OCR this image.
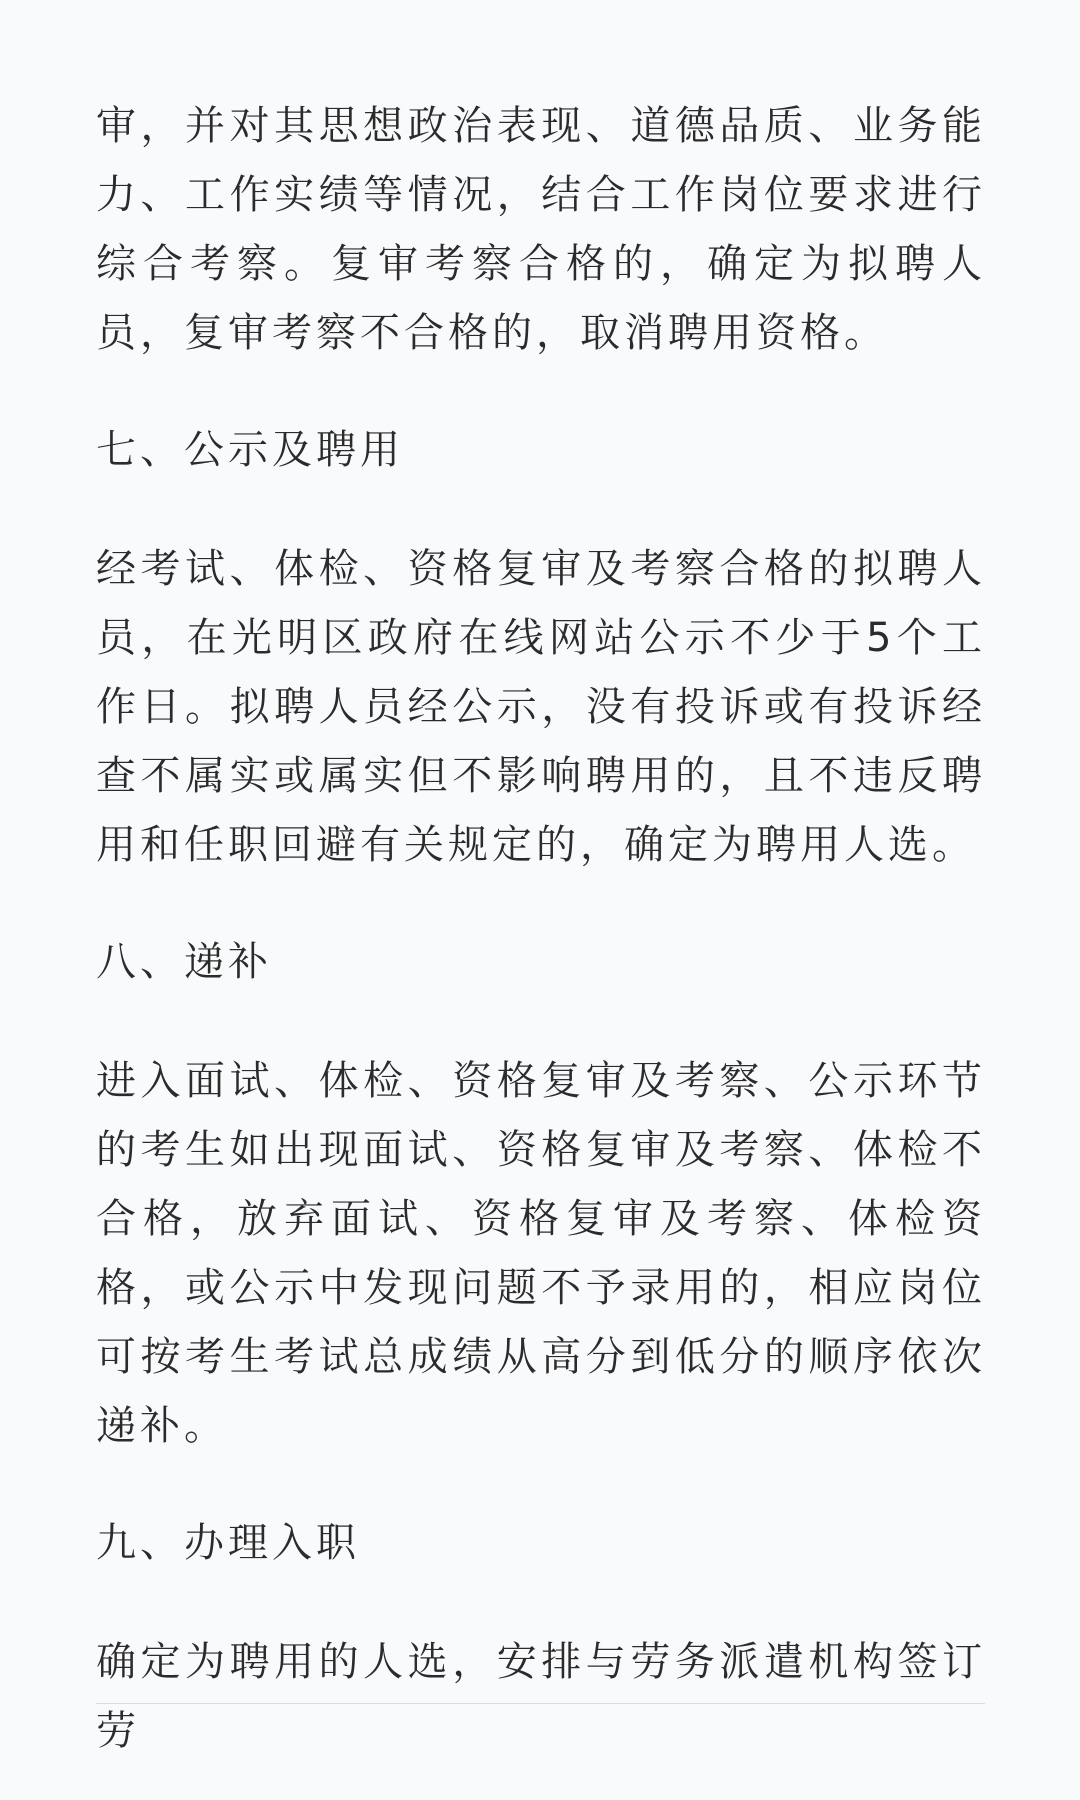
审，并对其思想政治表现、道德品质、业务能力、工作实绩等情况，结合工作岗位要求进行综合考察。复审考察合格的，确定为拟聘人员，复审考察不合格的，取消聘用资格。

七、公示及聘用

经考试、体检、资格复审及考察合格的拟聘人员，在光明区政府在线网站公示不少于5个工作日。拟聘人员经公示，没有投诉或有投诉经查不属实或属实但不影响聘用的，且不违反聘用和任职回避有关规定的，确定为聘用人选。

八、递补

进入面试、体检、资格复审及考察、公示环节的考生如出现面试、资格复审及考察、体检不合格，放弃面试、资格复审及考察、体检资格，或公示中发现问题不予录用的，相应岗位可按考生考试总成绩从高分到低分的顺序依次递补。

九、办理入职

确定为聘用的人选，安排与劳务派遣机构签订劳
